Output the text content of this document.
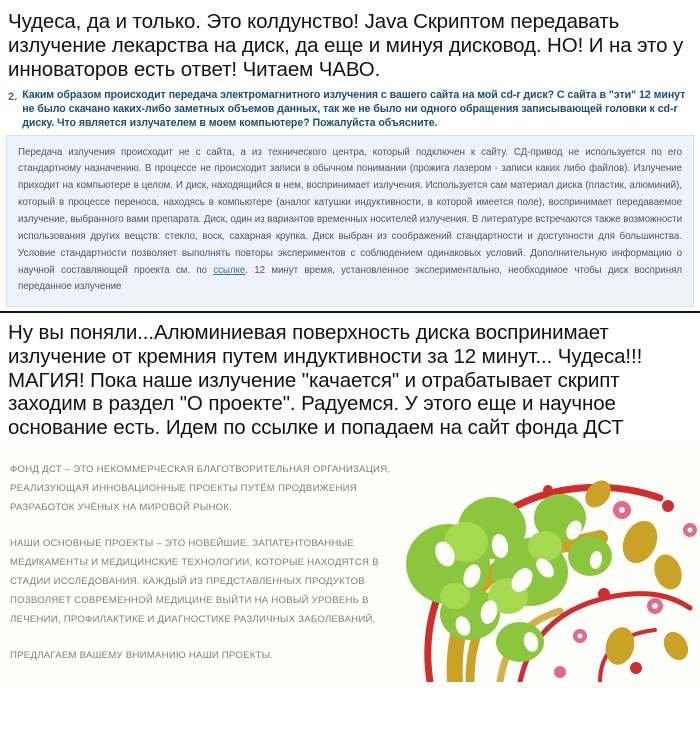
Чудеса, да и только. Это колдунство! Java Скриптом передавать излучение лекарства на диск, да еще и минуя дисковод. НО! И на это у инноваторов есть ответ! Читаем ЧАВО.
2. Каким образом происходит передача электромагнитного излучения с вашего сайта на мой cd-r диск? С сайта в "эти" 12 минут не было скачано каких-либо заметных объемов данных, так же не было ни одного обращения записывающей головки к cd-r диску. Что является излучателем в моем компьютере? Пожалуйста объясните.
Передача излучения происходит не с сайта, а из технического центра, который подключен к сайту. СД-привод не используется по его стандартному назначению. В процессе не происходит записи в обычном понимании (прожига лазером - записи каких либо файлов). Излучение приходит на компьютере в целом. И диск, находящийся в нем, воспринимает излучения. Используется сам материал диска (пластик, алюминий), который в процессе переноса, находясь в компьютере (аналог катушки индуктивности, в которой имеется поле), воспринимает передаваемое излучение, выбранного вами препарата. Диск, один из вариантов временных носителей излучения. В литературе встречаются также возможности использования других вещств: стекло, воск, сахарная крупка. Диск выбран из соображений стандартности и доступности для большинства. Условие стандартности позволяет выполнять повторы экспериментов с соблюдением одинаковых условий. Дополнительную информацию о научной составляющей проекта см. по ссылке. 12 минут время, установленное экспериментально, необходимое чтобы диск воспринял переданное излучение
Ну вы поняли...Алюминиевая поверхность диска воспринимает излучение от кремния путем индуктивности за 12 минут... Чудеса!!! МАГИЯ! Пока наше излучение "качается" и отрабатывает скрипт заходим в раздел "О проекте". Радуемся. У этого еще и научное основание есть. Идем по ссылке и попадаем на сайт фонда ДСТ

ФОНД ДСТ – ЭТО НЕКОММЕРЧЕСКАЯ БЛАГОТВОРИТЕЛЬНАЯ ОРГАНИЗАЦИЯ, РЕАЛИЗУЮЩАЯ ИННОВАЦИОННЫЕ ПРОЕКТЫ ПУТЁМ ПРОДВИЖЕНИЯ РАЗРАБОТОК УЧЁНЫХ НА МИРОВОЙ РЫНОК.

НАШИ ОСНОВНЫЕ ПРОЕКТЫ – ЭТО НОВЕЙШИЕ, ЗАПАТЕНТОВАННЫЕ МЕДИКАМЕНТЫ И МЕДИЦИНСКИЕ ТЕХНОЛОГИИ, КОТОРЫЕ НАХОДЯТСЯ В СТАДИИ ИССЛЕДОВАНИЯ. КАЖДЫЙ ИЗ ПРЕДСТАВЛЕННЫХ ПРОДУКТОВ ПОЗВОЛЯЕТ СОВРЕМЕННОЙ МЕДИЦИНЕ ВЫЙТИ НА НОВЫЙ УРОВЕНЬ В ЛЕЧЕНИИ, ПРОФИЛАКТИКЕ И ДИАГНОСТИКЕ РАЗЛИЧНЫХ ЗАБОЛЕВАНИЙ.

ПРЕДЛАГАЕМ ВАШЕМУ ВНИМАНИЮ НАШИ ПРОЕКТЫ.
